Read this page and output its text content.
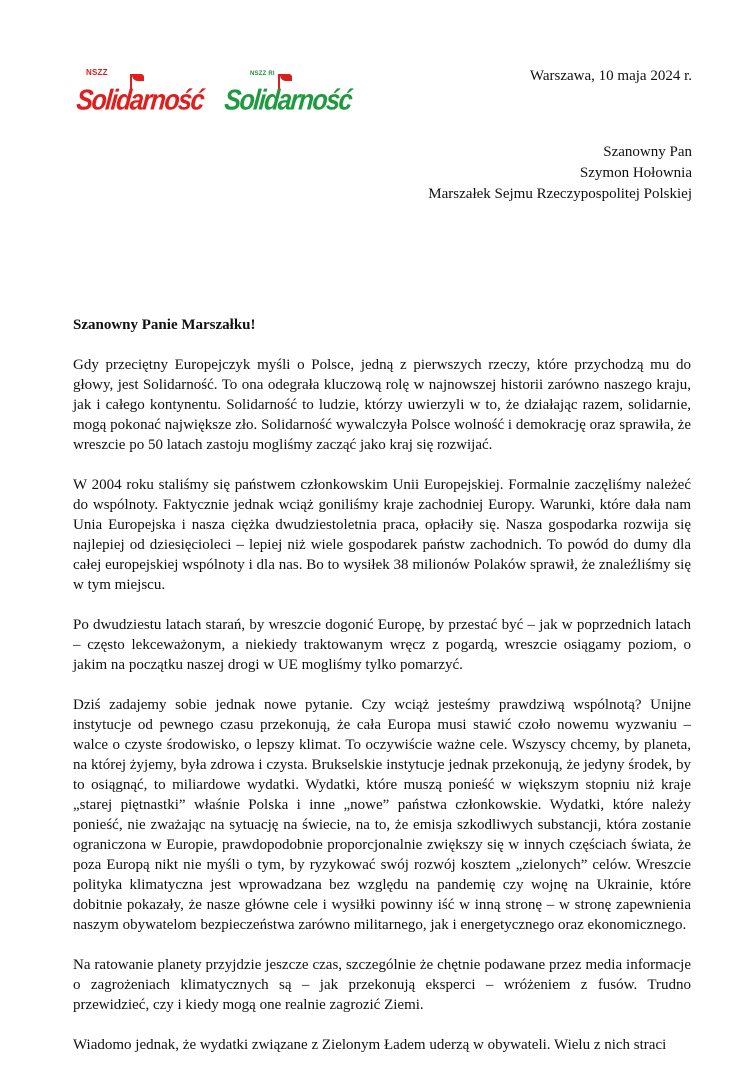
NSZZ
Solidarność
NSZZ RI
Solidarność
Warszawa, 10 maja 2024 r.
Szanowny Pan
Szymon Hołownia
Marszałek Sejmu Rzeczypospolitej Polskiej
Szanowny Panie Marszałku!

Gdy przeciętny Europejczyk myśli o Polsce, jedną z pierwszych rzeczy, które przychodzą mu do głowy, jest Solidarność. To ona odegrała kluczową rolę w najnowszej historii zarówno naszego kraju, jak i całego kontynentu. Solidarność to ludzie, którzy uwierzyli w to, że działając razem, solidarnie, mogą pokonać największe zło. Solidarność wywalczyła Polsce wolność i demokrację oraz sprawiła, że wreszcie po 50 latach zastoju mogliśmy zacząć jako kraj się rozwijać.

W 2004 roku staliśmy się państwem członkowskim Unii Europejskiej. Formalnie zaczęliśmy należeć do wspólnoty. Faktycznie jednak wciąż goniliśmy kraje zachodniej Europy. Warunki, które dała nam Unia Europejska i nasza ciężka dwudziestoletnia praca, opłaciły się. Nasza gospodarka rozwija się najlepiej od dziesięcioleci – lepiej niż wiele gospodarek państw zachodnich. To powód do dumy dla całej europejskiej wspólnoty i dla nas. Bo to wysiłek 38 milionów Polaków sprawił, że znaleźliśmy się w tym miejscu.

Po dwudziestu latach starań, by wreszcie dogonić Europę, by przestać być – jak w poprzednich latach – często lekceważonym, a niekiedy traktowanym wręcz z pogardą, wreszcie osiągamy poziom, o jakim na początku naszej drogi w UE mogliśmy tylko pomarzyć.

Dziś zadajemy sobie jednak nowe pytanie. Czy wciąż jesteśmy prawdziwą wspólnotą? Unijne instytucje od pewnego czasu przekonują, że cała Europa musi stawić czoło nowemu wyzwaniu – walce o czyste środowisko, o lepszy klimat. To oczywiście ważne cele. Wszyscy chcemy, by planeta, na której żyjemy, była zdrowa i czysta. Brukselskie instytucje jednak przekonują, że jedyny środek, by to osiągnąć, to miliardowe wydatki. Wydatki, które muszą ponieść w większym stopniu niż kraje „starej piętnastki” właśnie Polska i inne „nowe” państwa członkowskie. Wydatki, które należy ponieść, nie zważając na sytuację na świecie, na to, że emisja szkodliwych substancji, która zostanie ograniczona w Europie, prawdopodobnie proporcjonalnie zwiększy się w innych częściach świata, że poza Europą nikt nie myśli o tym, by ryzykować swój rozwój kosztem „zielonych” celów. Wreszcie polityka klimatyczna jest wprowadzana bez względu na pandemię czy wojnę na Ukrainie, które dobitnie pokazały, że nasze główne cele i wysiłki powinny iść w inną stronę – w stronę zapewnienia naszym obywatelom bezpieczeństwa zarówno militarnego, jak i energetycznego oraz ekonomicznego.

Na ratowanie planety przyjdzie jeszcze czas, szczególnie że chętnie podawane przez media informacje o zagrożeniach klimatycznych są – jak przekonują eksperci – wróżeniem z fusów. Trudno przewidzieć, czy i kiedy mogą one realnie zagrozić Ziemi.

Wiadomo jednak, że wydatki związane z Zielonym Ładem uderzą w obywateli. Wielu z nich straci
